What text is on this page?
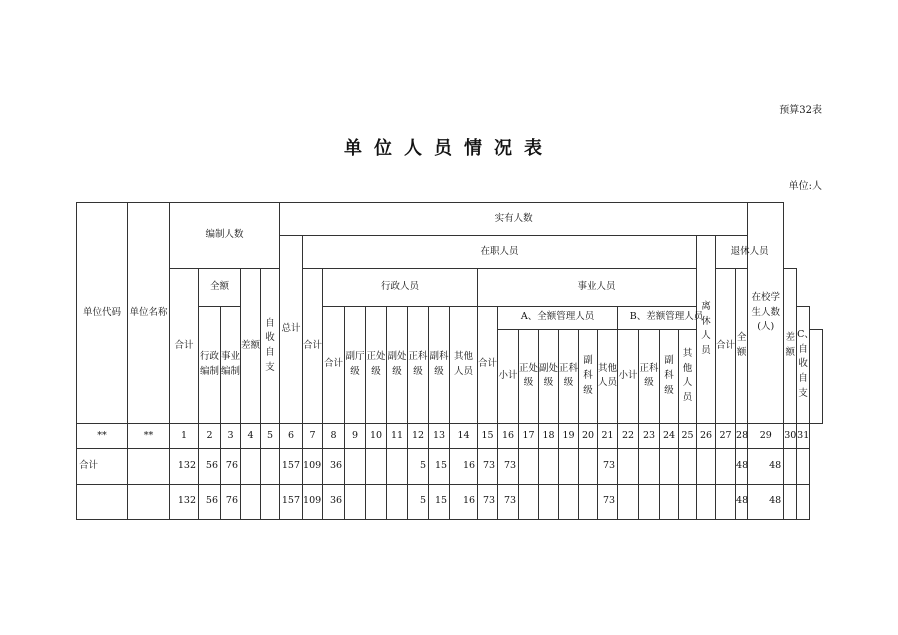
预算32表
单位人员情况表
单位:人
单位代码	单位名称	编制人数					实有人数																							在校学生人数(人)			
							总计	在职人员																			离休人员	退休人员					
		合计	全额		差额	自收自支		合计	行政人员							事业人员												合计	全额		差额		
			行政编制	事业编制					合计	副厅级	正处级	副处级	正科级	副科级	其他人员	合计	A、全额管理人员						B、差额管理人员									C、自收自支	
																	小计	正处级	副处级	正科级	副科级	其他人员	小计	正科级	副科级	其他人员							

**	**	1	2	3	4	5	6	7	8	9	10	11	12	13	14	15	16	17	18	19	20	21	22	23	24	25	26	27	28	29	30	31	
合计		132	56	76			157	109	36				5	15	16	73	73					73							48	48			
		132	56	76			157	109	36				5	15	16	73	73					73							48	48			
